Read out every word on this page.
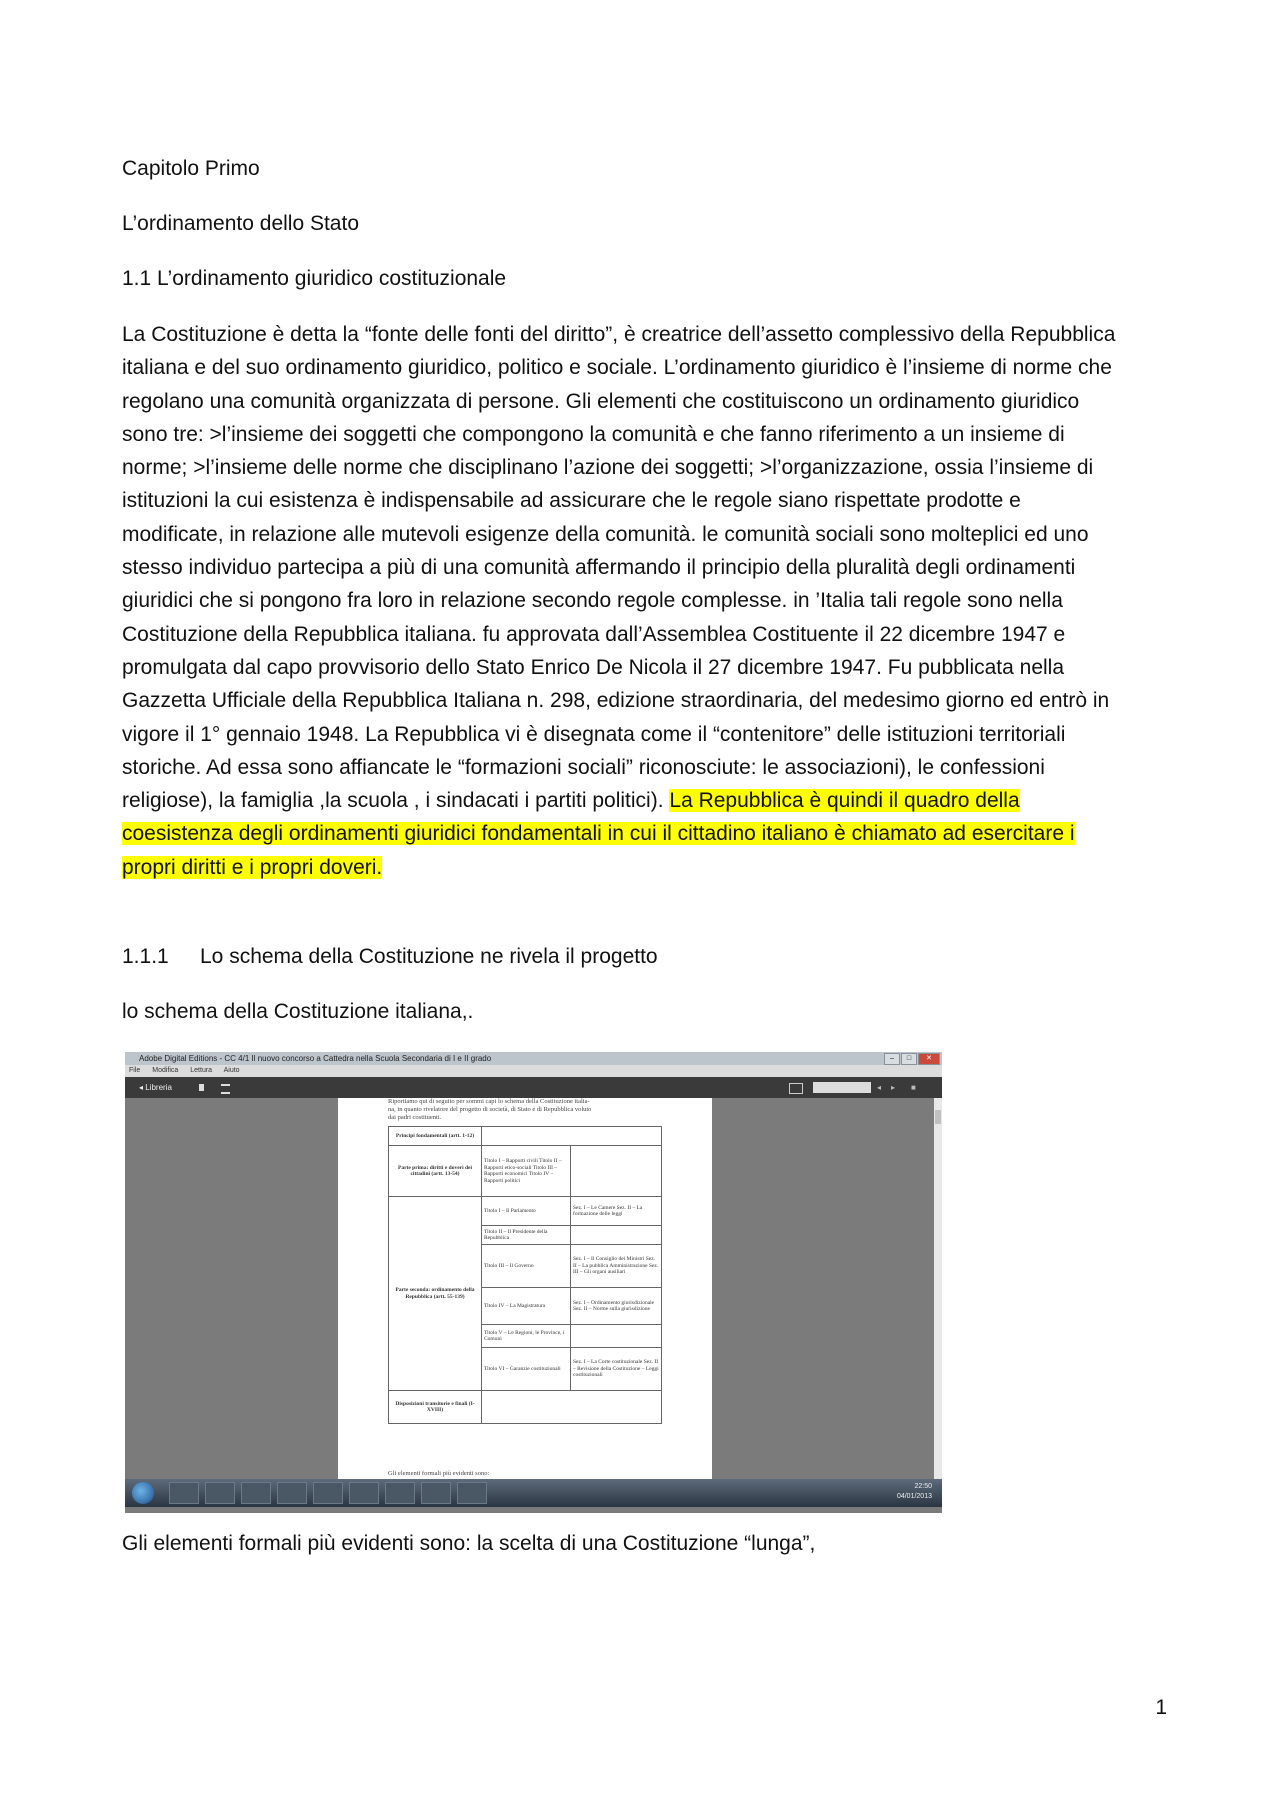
Capitolo Primo
L’ordinamento dello Stato
1.1 L’ordinamento giuridico costituzionale
La Costituzione è detta la “fonte delle fonti del diritto”, è creatrice dell’assetto complessivo della Repubblica
italiana e del suo ordinamento giuridico, politico e sociale. L’ordinamento giuridico è l’insieme di norme che
regolano una comunità organizzata di persone. Gli elementi che costituiscono un ordinamento giuridico
sono tre: >l’insieme dei soggetti che compongono la comunità e che fanno riferimento a un insieme di
norme; >l’insieme delle norme che disciplinano l’azione dei soggetti; >l’organizzazione, ossia l’insieme di
istituzioni la cui esistenza è indispensabile ad assicurare che le regole siano rispettate prodotte e
modificate, in relazione alle mutevoli esigenze della comunità. le comunità sociali sono molteplici ed uno
stesso individuo partecipa a più di una comunità affermando il principio della pluralità degli ordinamenti
giuridici che si pongono fra loro in relazione secondo regole complesse. in ’Italia tali regole sono nella
Costituzione della Repubblica italiana. fu approvata dall’Assemblea Costituente il 22 dicembre 1947 e
promulgata dal capo provvisorio dello Stato Enrico De Nicola il 27 dicembre 1947. Fu pubblicata nella
Gazzetta Ufficiale della Repubblica Italiana n. 298, edizione straordinaria, del medesimo giorno ed entrò in
vigore il 1° gennaio 1948. La Repubblica vi è disegnata come il “contenitore” delle istituzioni territoriali
storiche. Ad essa sono affiancate le “formazioni sociali” riconosciute: le associazioni), le confessioni
religiose), la famiglia ,la scuola , i sindacati i partiti politici). La Repubblica è quindi il quadro della
coesistenza degli ordinamenti giuridici fondamentali in cui il cittadino italiano è chiamato ad esercitare i
propri diritti e i propri doveri.
1.1.1 Lo schema della Costituzione ne rivela il progetto
lo schema della Costituzione italiana,.
Adobe Digital Editions - CC 4/1 Il nuovo concorso a Cattedra nella Scuola Secondaria di I e II grado	–	□	✕
File Modifica Lettura Aiuto
◂ Libreria	◂ ▸ ■
Riportiamo qui di seguito per sommi capi lo schema della Costituzione italia-
na, in quanto rivelatore del progetto di società, di Stato e di Repubblica voluto
dai padri costituenti.
Principi fondamentali (artt. 1-12)		
Parte prima: diritti e doveri dei cittadini (artt. 13-54)	Titolo I – Rapporti civili Titolo II – Rapporti etico-sociali Titolo III – Rapporti economici Titolo IV – Rapporti politici	
Parte seconda: ordinamento della Repubblica (artt. 55-139)	Titolo I – Il Parlamento	Sez. I – Le Camere Sez. II – La formazione delle leggi
	Titolo II – Il Presidente della Repubblica	
	Titolo III – Il Governo	Sez. I – Il Consiglio dei Ministri Sez. II – La pubblica Amministrazione Sez. III – Gli organi ausiliari
	Titolo IV – La Magistratura	Sez. I – Ordinamento giurisdizionale Sez. II – Norme sulla giurisdizione
	Titolo V – Le Regioni, le Province, i Comuni	
	Titolo VI – Garanzie costituzionali	Sez. I – La Corte costituzionale Sez. II – Revisione della Costituzione – Leggi costituzionali
Disposizioni transitorie e finali (I-XVIII)		
Gli elementi formali più evidenti sono:
22:50
04/01/2013
Gli elementi formali più evidenti sono: la scelta di una Costituzione “lunga”,
1
